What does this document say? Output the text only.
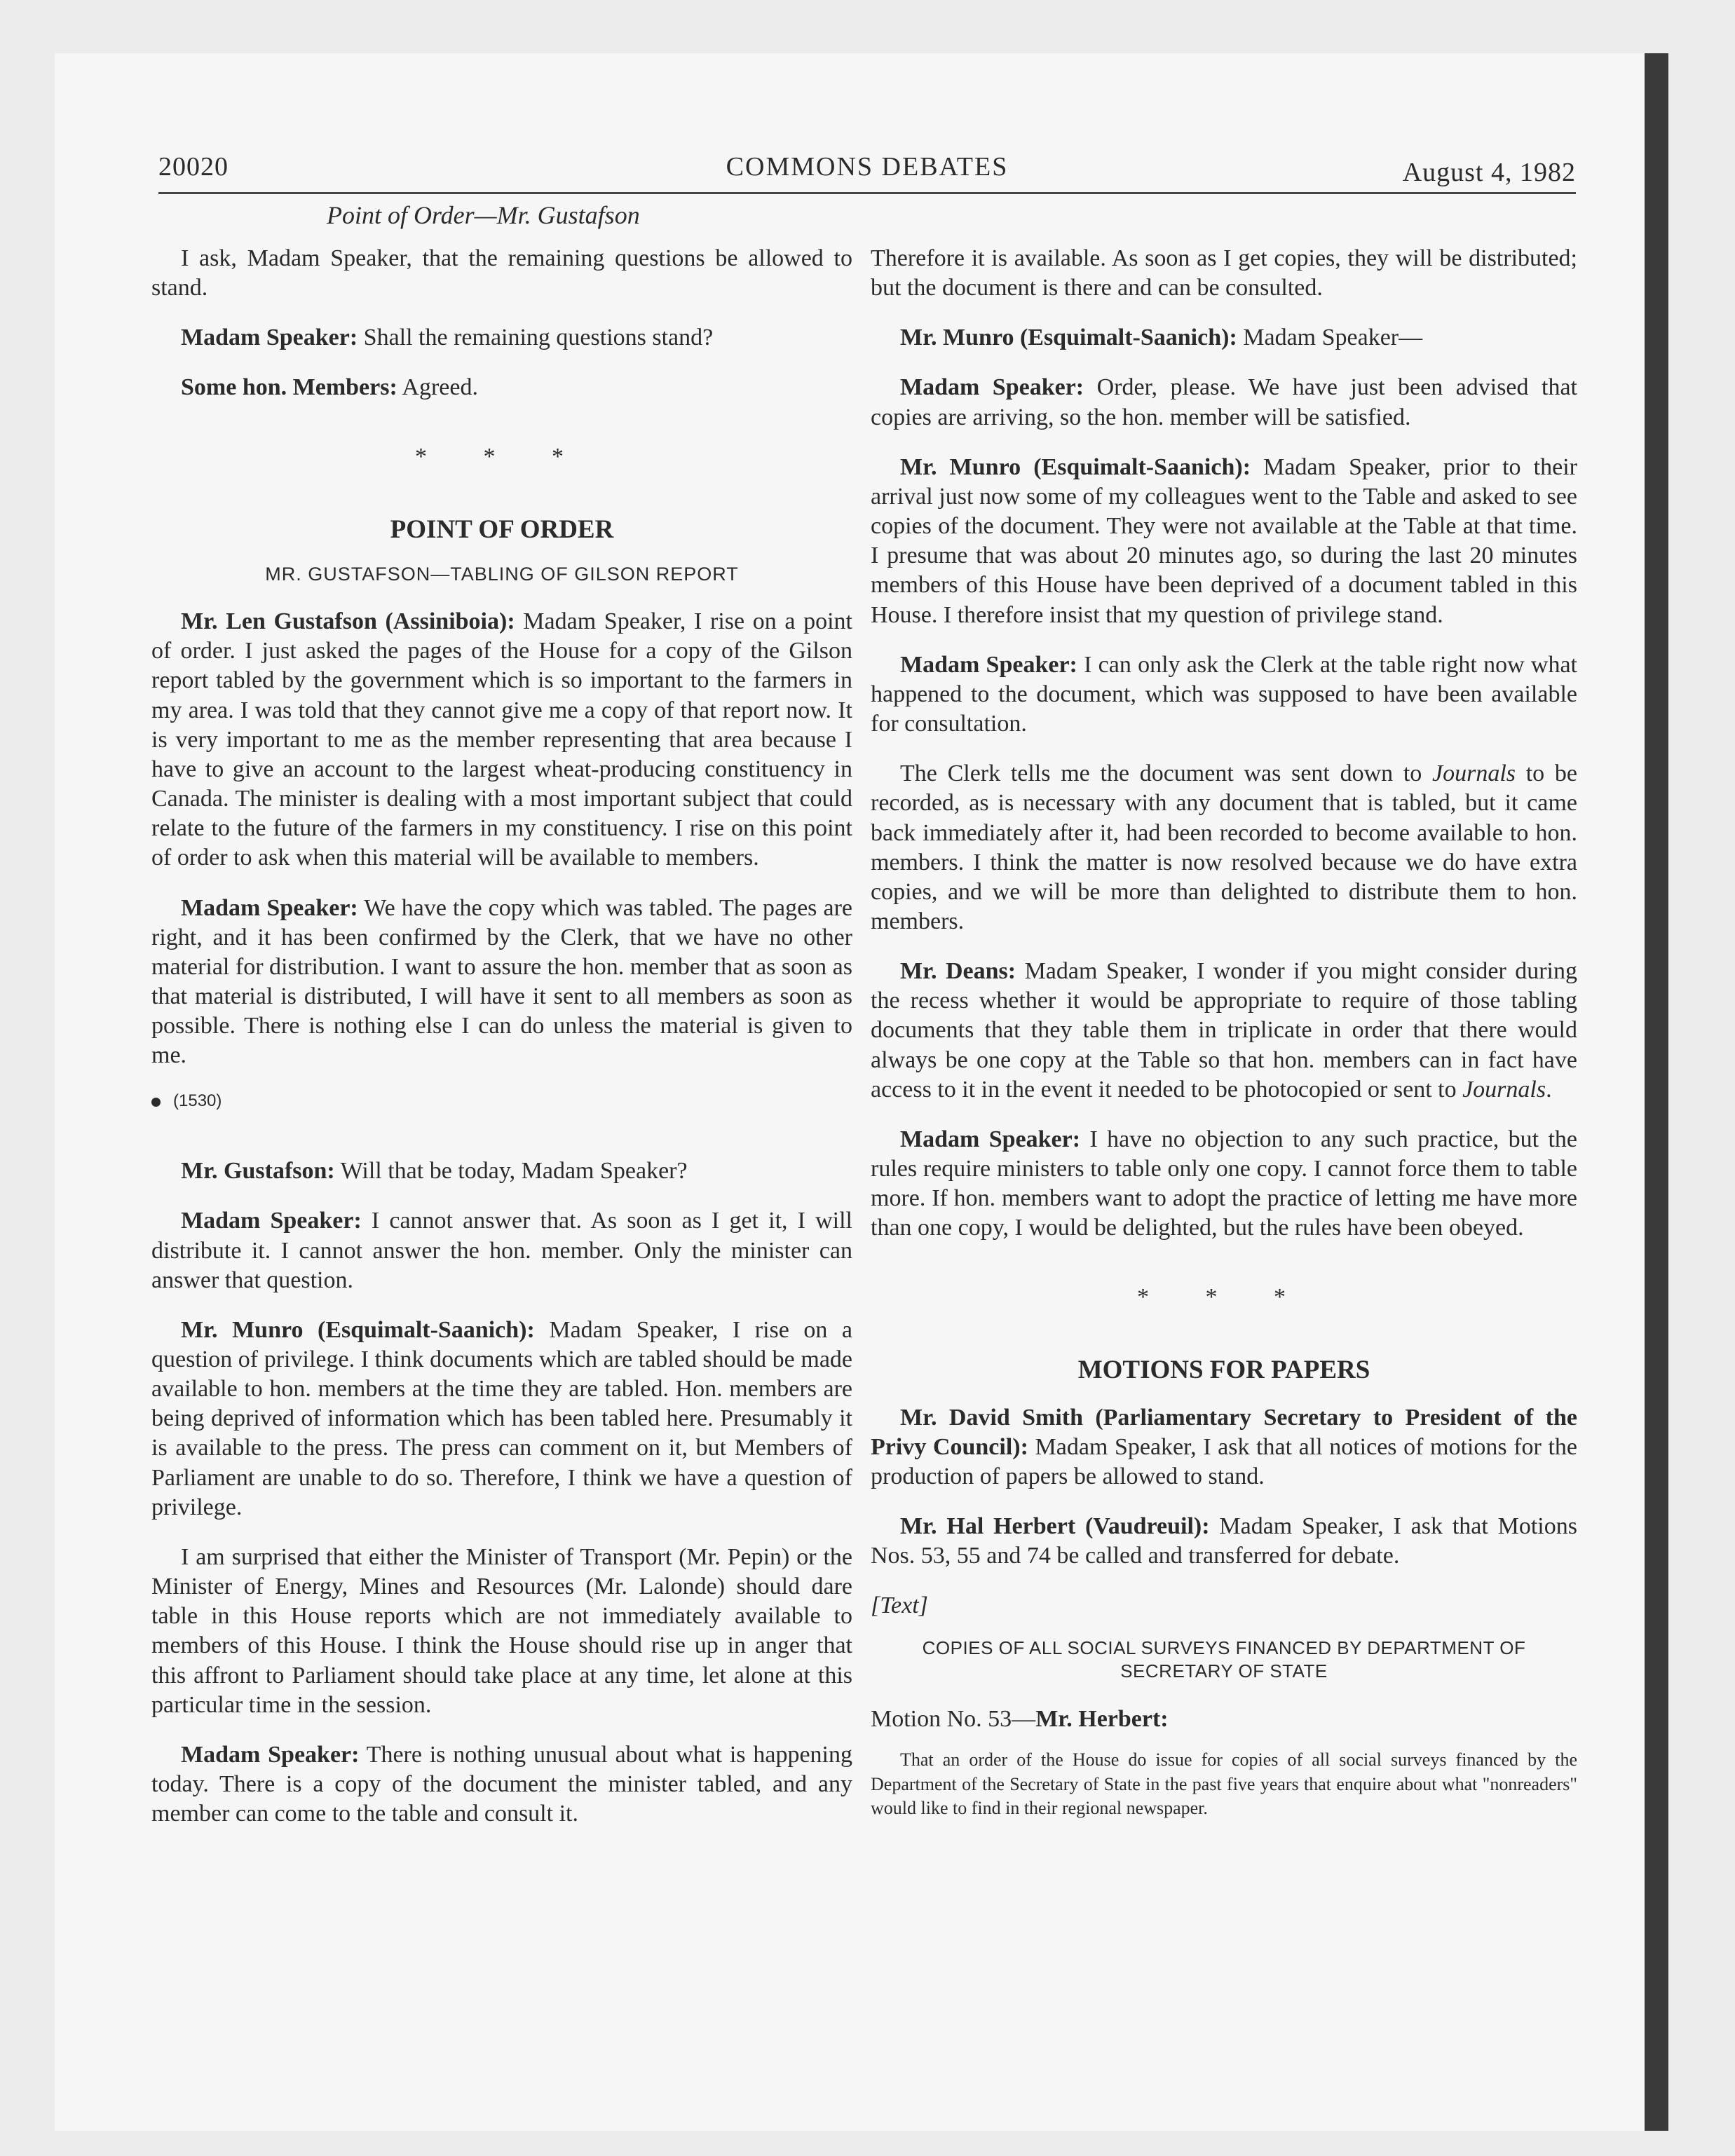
20020	COMMONS DEBATES	August 4, 1982
Point of Order—Mr. Gustafson

I ask, Madam Speaker, that the remaining questions be allowed to stand.

Madam Speaker: Shall the remaining questions stand?

Some hon. Members: Agreed.

* * *
POINT OF ORDER
MR. GUSTAFSON—TABLING OF GILSON REPORT

Mr. Len Gustafson (Assiniboia): Madam Speaker, I rise on a point of order. I just asked the pages of the House for a copy of the Gilson report tabled by the government which is so important to the farmers in my area. I was told that they cannot give me a copy of that report now. It is very important to me as the member representing that area because I have to give an account to the largest wheat-producing constituency in Canada. The minister is dealing with a most important subject that could relate to the future of the farmers in my constituency. I rise on this point of order to ask when this material will be available to members.

Madam Speaker: We have the copy which was tabled. The pages are right, and it has been confirmed by the Clerk, that we have no other material for distribution. I want to assure the hon. member that as soon as that material is distributed, I will have it sent to all members as soon as possible. There is nothing else I can do unless the material is given to me.

(1530)

Mr. Gustafson: Will that be today, Madam Speaker?

Madam Speaker: I cannot answer that. As soon as I get it, I will distribute it. I cannot answer the hon. member. Only the minister can answer that question.

Mr. Munro (Esquimalt-Saanich): Madam Speaker, I rise on a question of privilege. I think documents which are tabled should be made available to hon. members at the time they are tabled. Hon. members are being deprived of information which has been tabled here. Presumably it is available to the press. The press can comment on it, but Members of Parliament are unable to do so. Therefore, I think we have a question of privilege.

I am surprised that either the Minister of Transport (Mr. Pepin) or the Minister of Energy, Mines and Resources (Mr. Lalonde) should dare table in this House reports which are not immediately available to members of this House. I think the House should rise up in anger that this affront to Parliament should take place at any time, let alone at this particular time in the session.

Madam Speaker: There is nothing unusual about what is happening today. There is a copy of the document the minister tabled, and any member can come to the table and consult it.

Therefore it is available. As soon as I get copies, they will be distributed; but the document is there and can be consulted.

Mr. Munro (Esquimalt-Saanich): Madam Speaker—

Madam Speaker: Order, please. We have just been advised that copies are arriving, so the hon. member will be satisfied.

Mr. Munro (Esquimalt-Saanich): Madam Speaker, prior to their arrival just now some of my colleagues went to the Table and asked to see copies of the document. They were not available at the Table at that time. I presume that was about 20 minutes ago, so during the last 20 minutes members of this House have been deprived of a document tabled in this House. I therefore insist that my question of privilege stand.

Madam Speaker: I can only ask the Clerk at the table right now what happened to the document, which was supposed to have been available for consultation.

The Clerk tells me the document was sent down to Journals to be recorded, as is necessary with any document that is tabled, but it came back immediately after it, had been recorded to become available to hon. members. I think the matter is now resolved because we do have extra copies, and we will be more than delighted to distribute them to hon. members.

Mr. Deans: Madam Speaker, I wonder if you might consider during the recess whether it would be appropriate to require of those tabling documents that they table them in triplicate in order that there would always be one copy at the Table so that hon. members can in fact have access to it in the event it needed to be photocopied or sent to Journals.

Madam Speaker: I have no objection to any such practice, but the rules require ministers to table only one copy. I cannot force them to table more. If hon. members want to adopt the practice of letting me have more than one copy, I would be delighted, but the rules have been obeyed.

* * *
MOTIONS FOR PAPERS

Mr. David Smith (Parliamentary Secretary to President of the Privy Council): Madam Speaker, I ask that all notices of motions for the production of papers be allowed to stand.

Mr. Hal Herbert (Vaudreuil): Madam Speaker, I ask that Motions Nos. 53, 55 and 74 be called and transferred for debate.

[Text]
COPIES OF ALL SOCIAL SURVEYS FINANCED BY DEPARTMENT OF SECRETARY OF STATE
Motion No. 53—Mr. Herbert:

That an order of the House do issue for copies of all social surveys financed by the Department of the Secretary of State in the past five years that enquire about what "nonreaders" would like to find in their regional newspaper.
